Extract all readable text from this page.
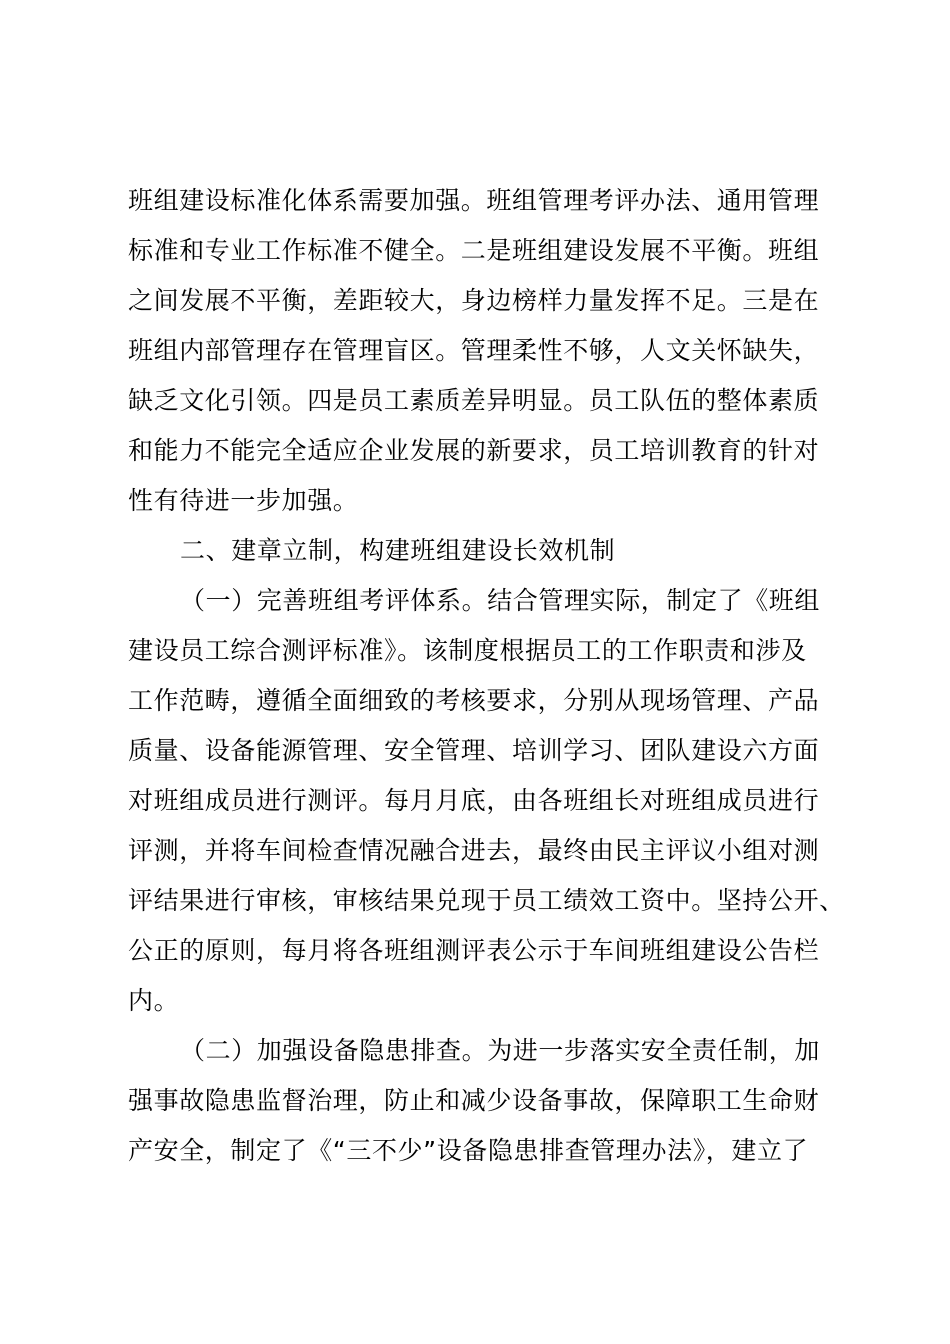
班组建设标准化体系需要加强。班组管理考评办法、通用管理
标准和专业工作标准不健全。二是班组建设发展不平衡。班组
之间发展不平衡，差距较大，身边榜样力量发挥不足。三是在
班组内部管理存在管理盲区。管理柔性不够，人文关怀缺失，
缺乏文化引领。四是员工素质差异明显。员工队伍的整体素质
和能力不能完全适应企业发展的新要求，员工培训教育的针对
性有待进一步加强。
二、建章立制，构建班组建设长效机制
（一）完善班组考评体系。结合管理实际，制定了《班组
建设员工综合测评标准》。该制度根据员工的工作职责和涉及
工作范畴，遵循全面细致的考核要求，分别从现场管理、产品
质量、设备能源管理、安全管理、培训学习、团队建设六方面
对班组成员进行测评。每月月底，由各班组长对班组成员进行
评测，并将车间检查情况融合进去，最终由民主评议小组对测
评结果进行审核，审核结果兑现于员工绩效工资中。坚持公开、
公正的原则，每月将各班组测评表公示于车间班组建设公告栏
内。
（二）加强设备隐患排查。为进一步落实安全责任制，加
强事故隐患监督治理，防止和减少设备事故，保障职工生命财
产安全，制定了《“三不少”设备隐患排查管理办法》，建立了
